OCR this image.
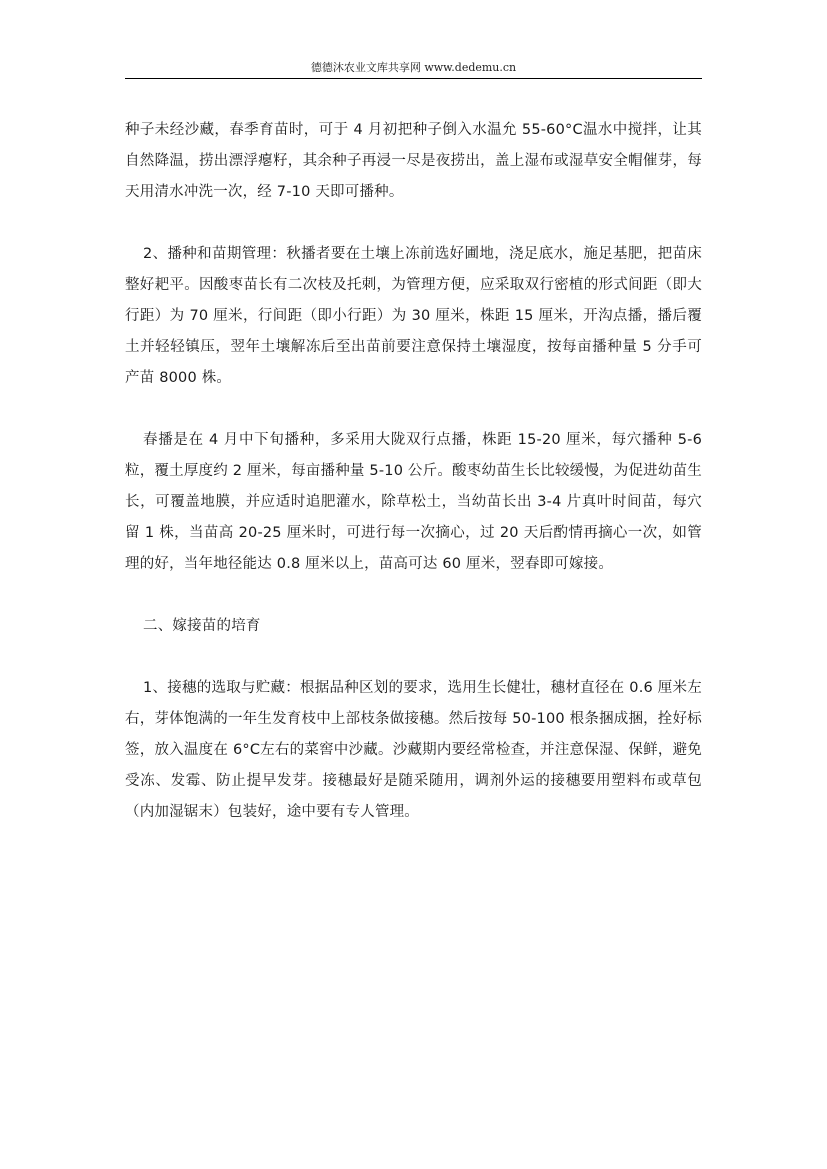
德德沐农业文库共享网 www.dedemu.cn

种子未经沙藏，春季育苗时，可于 4 月初把种子倒入水温允 55-60°C温水中搅拌，让其自然降温，捞出漂浮瘪籽，其余种子再浸一尽是夜捞出，盖上湿布或湿草安全帽催芽，每天用清水冲洗一次，经 7-10 天即可播种。

2、播种和苗期管理：秋播者要在土壤上冻前选好圃地，浇足底水，施足基肥，把苗床整好耙平。因酸枣苗长有二次枝及托刺，为管理方便，应采取双行密植的形式间距（即大行距）为 70 厘米，行间距（即小行距）为 30 厘米，株距 15 厘米，开沟点播，播后覆土并轻轻镇压，翌年土壤解冻后至出苗前要注意保持土壤湿度，按每亩播种量 5 分手可产苗 8000 株。

春播是在 4 月中下旬播种，多采用大陇双行点播，株距 15-20 厘米，每穴播种 5-6 粒，覆土厚度约 2 厘米，每亩播种量 5-10 公斤。酸枣幼苗生长比较缓慢，为促进幼苗生长，可覆盖地膜，并应适时追肥灌水，除草松土，当幼苗长出 3-4 片真叶时间苗，每穴留 1 株，当苗高 20-25 厘米时，可进行每一次摘心，过 20 天后酌情再摘心一次，如管理的好，当年地径能达 0.8 厘米以上，苗高可达 60 厘米，翌春即可嫁接。

二、嫁接苗的培育

1、接穗的选取与贮藏：根据品种区划的要求，选用生长健壮，穗材直径在 0.6 厘米左右，芽体饱满的一年生发育枝中上部枝条做接穗。然后按每 50-100 根条捆成捆，拴好标签，放入温度在 6°C左右的菜窖中沙藏。沙藏期内要经常检查，并注意保湿、保鲜，避免受冻、发霉、防止提早发芽。接穗最好是随采随用，调剂外运的接穗要用塑料布或草包（内加湿锯末）包装好，途中要有专人管理。
